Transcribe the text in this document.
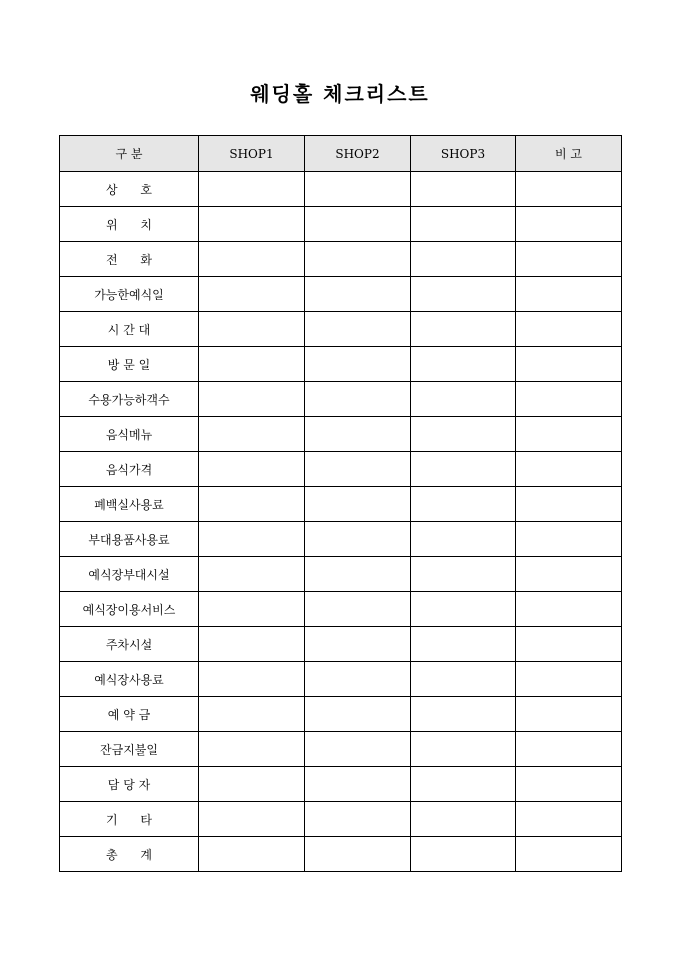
웨딩홀 체크리스트
구 분	SHOP1	SHOP2	SHOP3	비 고
상      호				
위      치				
전      화				
가능한예식일				
시 간 대				
방 문 일				
수용가능하객수				
음식메뉴				
음식가격				
폐백실사용료				
부대용품사용료				
예식장부대시설				
예식장이용서비스				
주차시설				
예식장사용료				
예 약 금				
잔금지불일				
담 당 자				
기      타				
총      계				
